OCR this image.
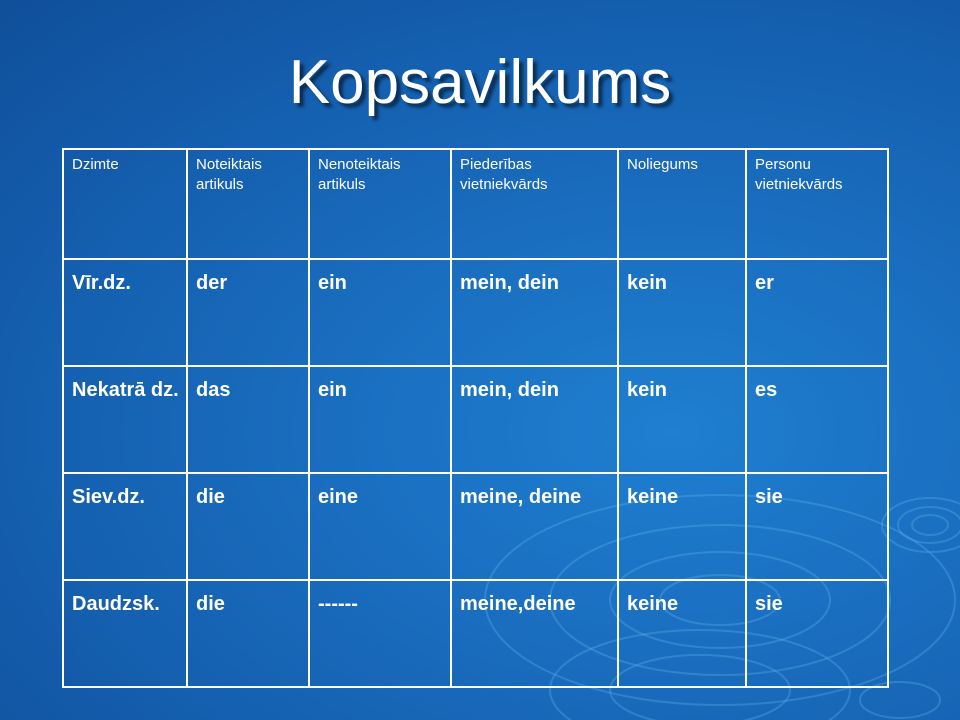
Kopsavilkums
Dzimte	Noteiktais artikuls	Nenoteiktais artikuls	Piederības vietniekvārds	Noliegums	Personu vietniekvārds
Vīr.dz.	der	ein	mein, dein	kein	er
Nekatrā dz.	das	ein	mein, dein	kein	es
Siev.dz.	die	eine	meine, deine	keine	sie
Daudzsk.	die	------	meine,deine	keine	sie
